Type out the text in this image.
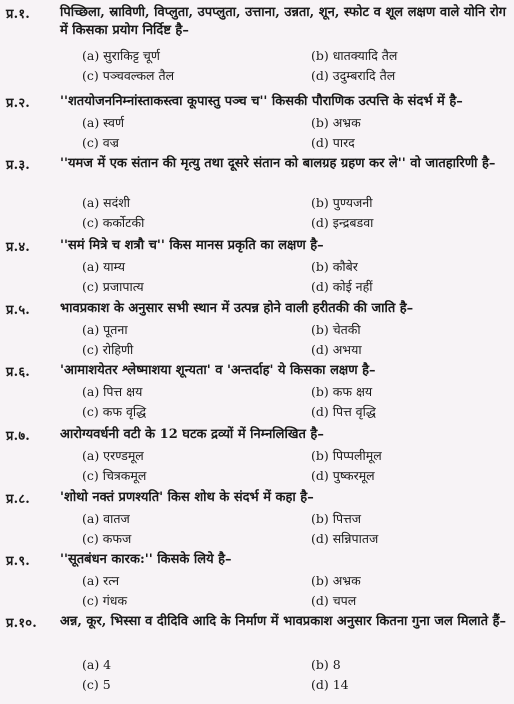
प्र.१. पिच्छिला, स्राविणी, विप्लुता, उपप्लुता, उत्ताना, उन्नता, शून, स्फोट व शूल लक्षण वाले योनि रोग में किसका प्रयोग निर्दिष्ट है–
(a) सुराकिट्ट चूर्ण	(b) धातक्यादि तैल
(c) पञ्चवल्कल तैल	(d) उदुम्बरादि तैल
प्र.२. ''शतयोजननिम्नांस्ताकस्त्वा कूपास्तु पञ्च च'' किसकी पौराणिक उत्पत्ति के संदर्भ में है–
(a) स्वर्ण	(b) अभ्रक
(c) वज्र	(d) पारद
प्र.३. ''यमज में एक संतान की मृत्यु तथा दूसरे संतान को बालग्रह ग्रहण कर ले'' वो जातहारिणी है–
(a) सदंशी	(b) पुण्यजनी
(c) कर्कोटकी	(d) इन्द्रबडवा
प्र.४. ''समं मित्रे च शत्रौ च'' किस मानस प्रकृति का लक्षण है–
(a) याम्य	(b) कौबेर
(c) प्रजापात्य	(d) कोई नहीं
प्र.५. भावप्रकाश के अनुसार सभी स्थान में उत्पन्न होने वाली हरीतकी की जाति है–
(a) पूतना	(b) चेतकी
(c) रोहिणी	(d) अभया
प्र.६. 'आमाशयेतर श्लेष्माशया शून्यता' व 'अन्तर्दाह' ये किसका लक्षण है–
(a) पित्त क्षय	(b) कफ क्षय
(c) कफ वृद्धि	(d) पित्त वृद्धि
प्र.७. आरोग्यवर्धनी वटी के 12 घटक द्रव्यों में निम्नलिखित है–
(a) एरण्डमूल	(b) पिप्पलीमूल
(c) चित्रकमूल	(d) पुष्करमूल
प्र.८. 'शोथो नक्तं प्रणश्यति' किस शोथ के संदर्भ में कहा है–
(a) वातज	(b) पित्तज
(c) कफज	(d) सन्निपातज
प्र.९. ''सूतबंधन कारक:'' किसके लिये है–
(a) रत्न	(b) अभ्रक
(c) गंधक	(d) चपल
प्र.१०. अन्न, कूर, भिस्सा व दीदिवि आदि के निर्माण में भावप्रकाश अनुसार कितना गुना जल मिलाते हैं–
(a) 4	(b) 8
(c) 5	(d) 14
